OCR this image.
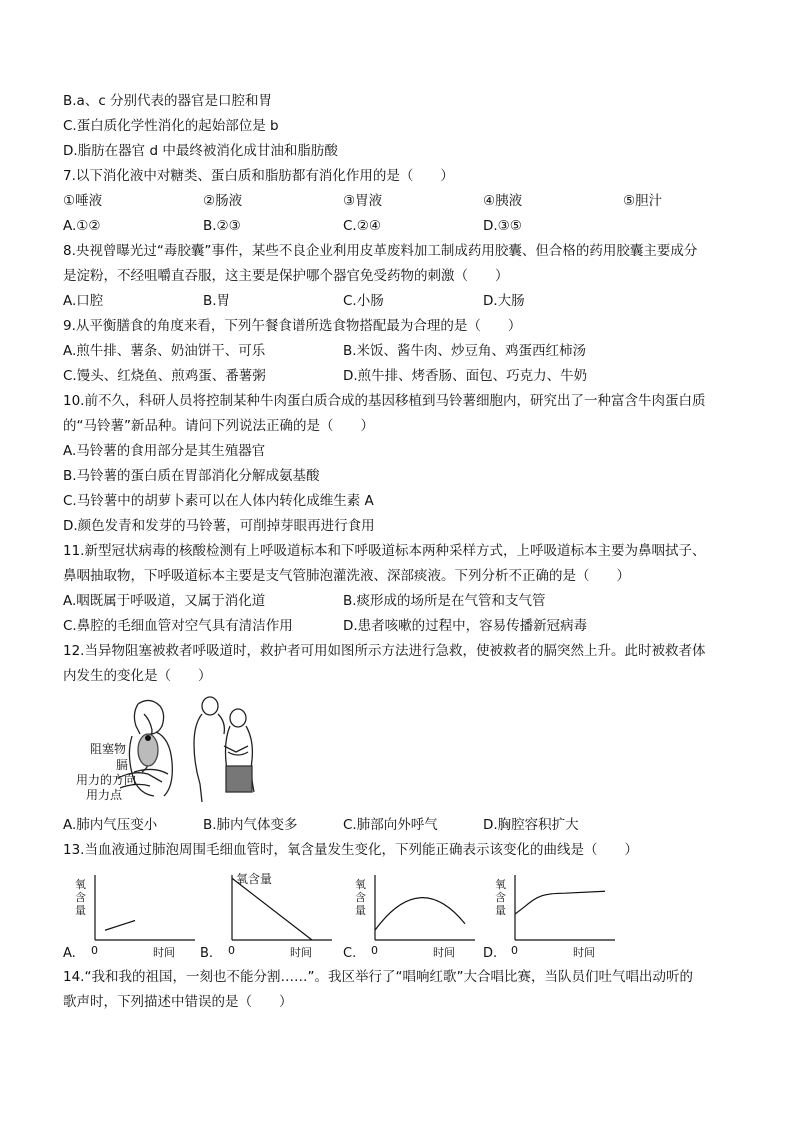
B.a、c 分别代表的器官是口腔和胃
C.蛋白质化学性消化的起始部位是 b
D.脂肪在器官 d 中最终被消化成甘油和脂肪酸
7.以下消化液中对糖类、蛋白质和脂肪都有消化作用的是（　　）
①唾液	②肠液	③胃液	④胰液	⑤胆汁
A.①②	B.②③	C.②④	D.③⑤
8.央视曾曝光过“毒胶囊”事件，某些不良企业利用皮革废料加工制成药用胶囊、但合格的药用胶囊主要成分
是淀粉，不经咀嚼直吞服，这主要是保护哪个器官免受药物的刺激（　　）
A.口腔	B.胃	C.小肠	D.大肠
9.从平衡膳食的角度来看，下列午餐食谱所选食物搭配最为合理的是（　　）
A.煎牛排、薯条、奶油饼干、可乐	B.米饭、酱牛肉、炒豆角、鸡蛋西红柿汤
C.馒头、红烧鱼、煎鸡蛋、番薯粥	D.煎牛排、烤香肠、面包、巧克力、牛奶
10.前不久，科研人员将控制某种牛肉蛋白质合成的基因移植到马铃薯细胞内，研究出了一种富含牛肉蛋白质
的“马铃薯”新品种。请问下列说法正确的是（　　）
A.马铃薯的食用部分是其生殖器官
B.马铃薯的蛋白质在胃部消化分解成氨基酸
C.马铃薯中的胡萝卜素可以在人体内转化成维生素 A
D.颜色发青和发芽的马铃薯，可削掉芽眼再进行食用
11.新型冠状病毒的核酸检测有上呼吸道标本和下呼吸道标本两种采样方式，上呼吸道标本主要为鼻咽拭子、
鼻咽抽取物，下呼吸道标本主要是支气管肺泡灌洗液、深部痰液。下列分析不正确的是（　　）
A.咽既属于呼吸道，又属于消化道	B.痰形成的场所是在气管和支气管
C.鼻腔的毛细血管对空气具有清洁作用	D.患者咳嗽的过程中，容易传播新冠病毒
12.当异物阻塞被救者呼吸道时，救护者可用如图所示方法进行急救，使被救者的膈突然上升。此时被救者体
内发生的变化是（　　）
阻塞物
膈
用力的方向
用力点
A.肺内气压变小	B.肺内气体变多	C.肺部向外呼气	D.胸腔容积扩大
13.当血液通过肺泡周围毛细血管时，氧含量发生变化，下列能正确表示该变化的曲线是（　　）
氧含量
0	时间
A.
氧含量
0	时间
B.
氧含量
0	时间
C.
氧含量
0	时间
D.
14.“我和我的祖国，一刻也不能分割……”。我区举行了“唱响红歌”大合唱比赛，当队员们吐气唱出动听的
歌声时，下列描述中错误的是（　　）
